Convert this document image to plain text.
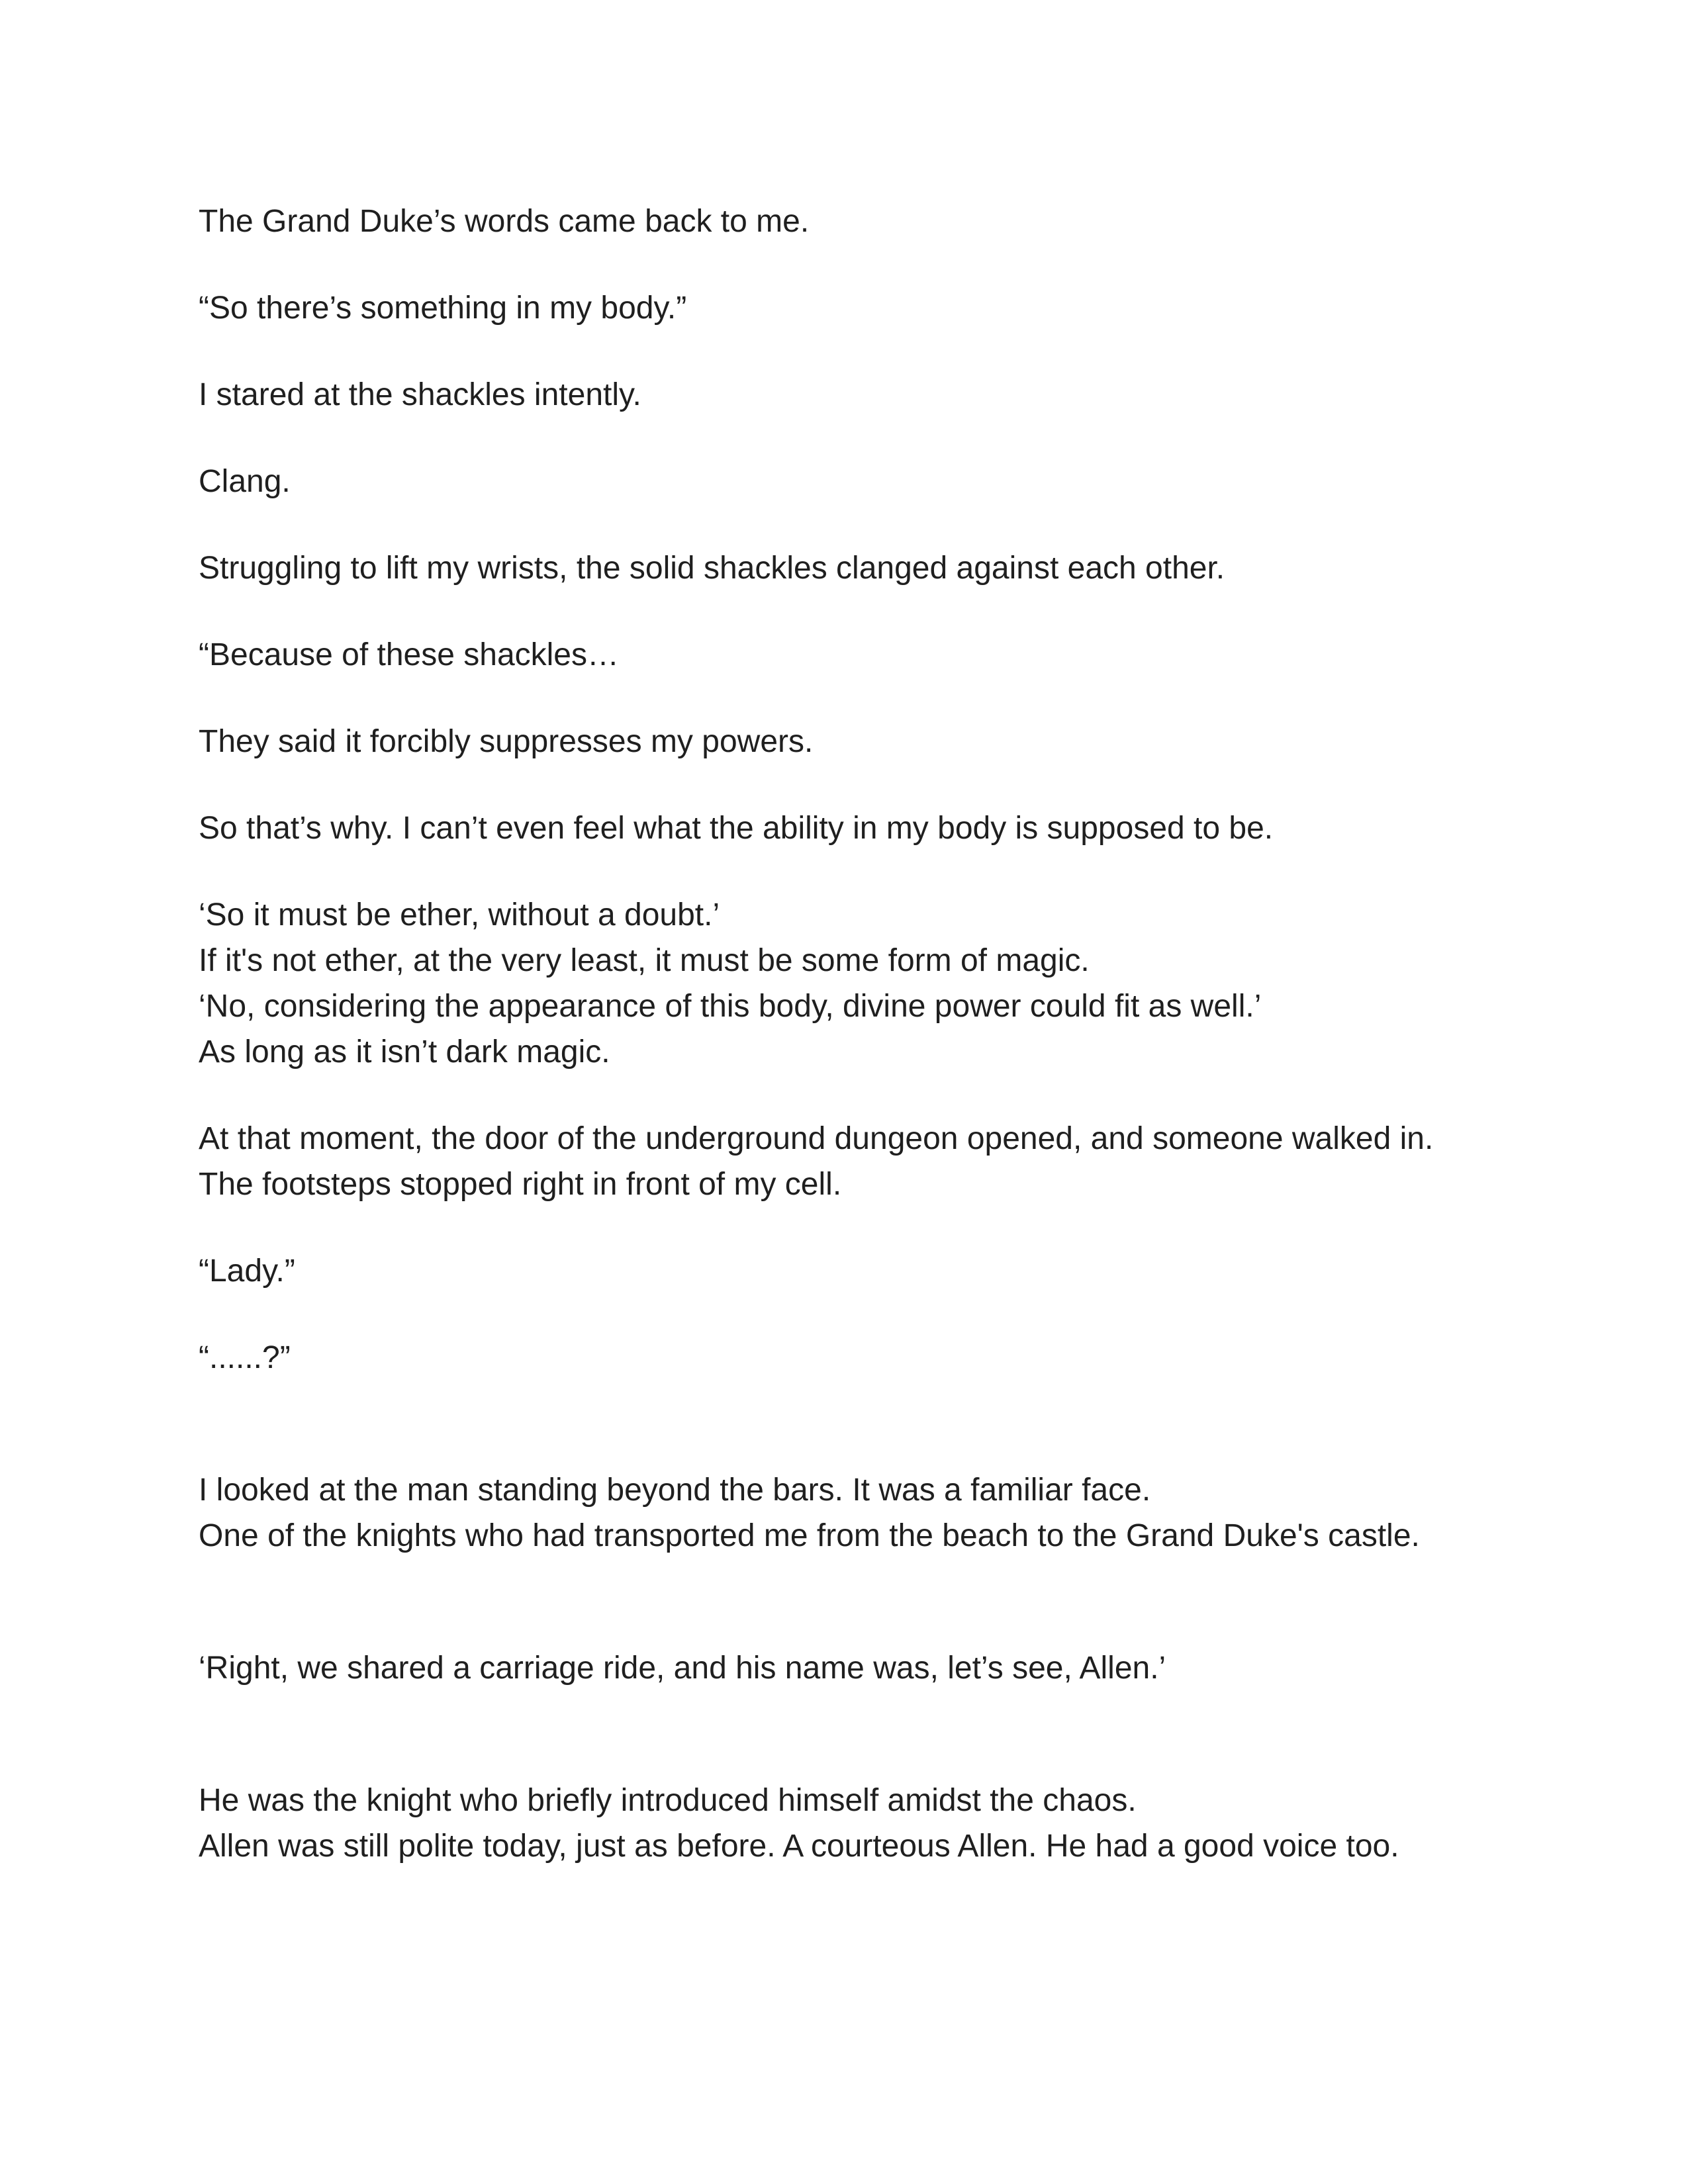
The Grand Duke’s words came back to me.

“So there’s something in my body.”

I stared at the shackles intently.

Clang.

Struggling to lift my wrists, the solid shackles clanged against each other.

“Because of these shackles…

They said it forcibly suppresses my powers.

So that’s why. I can’t even feel what the ability in my body is supposed to be.

‘So it must be ether, without a doubt.’
If it's not ether, at the very least, it must be some form of magic.
‘No, considering the appearance of this body, divine power could fit as well.’
As long as it isn’t dark magic.

At that moment, the door of the underground dungeon opened, and someone walked in.
The footsteps stopped right in front of my cell.

“Lady.”

“......?”

I looked at the man standing beyond the bars. It was a familiar face.
One of the knights who had transported me from the beach to the Grand Duke's castle.

‘Right, we shared a carriage ride, and his name was, let’s see, Allen.’

He was the knight who briefly introduced himself amidst the chaos.
Allen was still polite today, just as before. A courteous Allen. He had a good voice too.
